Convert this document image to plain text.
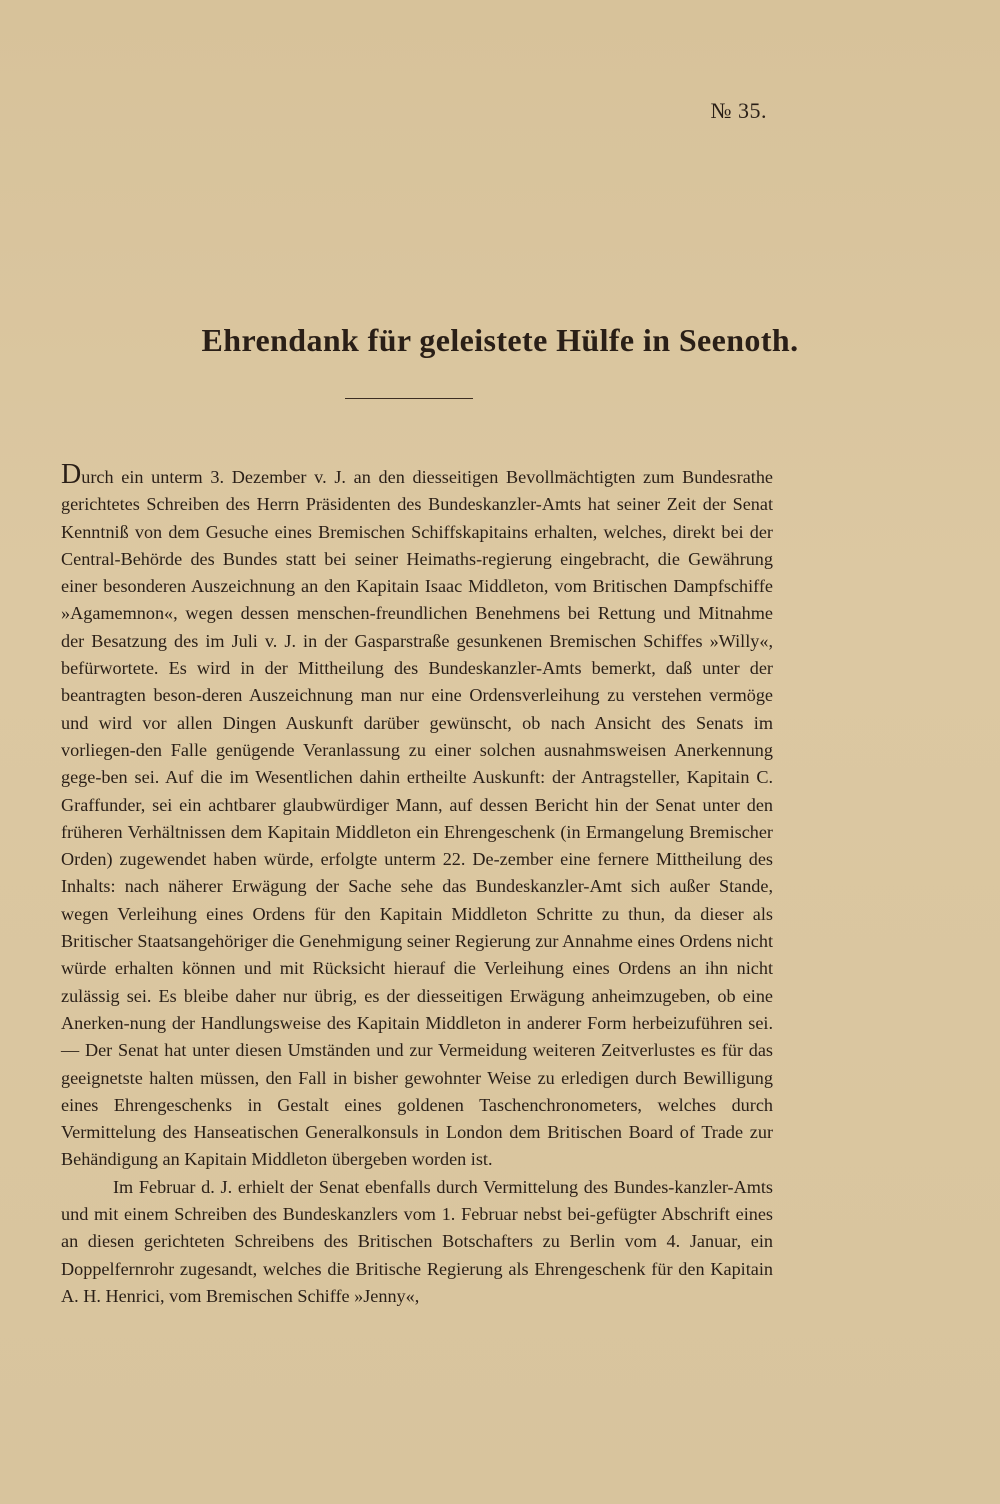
№ 35.
Ehrendank für geleistete Hülfe in Seenoth.

Durch ein unterm 3. Dezember v. J. an den diesseitigen Bevollmächtigten zum Bundesrathe gerichtetes Schreiben des Herrn Präsidenten des Bundeskanzler-Amts hat seiner Zeit der Senat Kenntniß von dem Gesuche eines Bremischen Schiffskapitains erhalten, welches, direkt bei der Central-Behörde des Bundes statt bei seiner Heimaths-regierung eingebracht, die Gewährung einer besonderen Auszeichnung an den Kapitain Isaac Middleton, vom Britischen Dampfschiffe »Agamemnon«, wegen dessen menschen-freundlichen Benehmens bei Rettung und Mitnahme der Besatzung des im Juli v. J. in der Gasparstraße gesunkenen Bremischen Schiffes »Willy«, befürwortete. Es wird in der Mittheilung des Bundeskanzler-Amts bemerkt, daß unter der beantragten beson-deren Auszeichnung man nur eine Ordensverleihung zu verstehen vermöge und wird vor allen Dingen Auskunft darüber gewünscht, ob nach Ansicht des Senats im vorliegen-den Falle genügende Veranlassung zu einer solchen ausnahmsweisen Anerkennung gege-ben sei. Auf die im Wesentlichen dahin ertheilte Auskunft: der Antragsteller, Kapitain C. Graffunder, sei ein achtbarer glaubwürdiger Mann, auf dessen Bericht hin der Senat unter den früheren Verhältnissen dem Kapitain Middleton ein Ehrengeschenk (in Ermangelung Bremischer Orden) zugewendet haben würde, erfolgte unterm 22. De-zember eine fernere Mittheilung des Inhalts: nach näherer Erwägung der Sache sehe das Bundeskanzler-Amt sich außer Stande, wegen Verleihung eines Ordens für den Kapitain Middleton Schritte zu thun, da dieser als Britischer Staatsangehöriger die Genehmigung seiner Regierung zur Annahme eines Ordens nicht würde erhalten können und mit Rücksicht hierauf die Verleihung eines Ordens an ihn nicht zulässig sei. Es bleibe daher nur übrig, es der diesseitigen Erwägung anheimzugeben, ob eine Anerken-nung der Handlungsweise des Kapitain Middleton in anderer Form herbeizuführen sei. — Der Senat hat unter diesen Umständen und zur Vermeidung weiteren Zeitverlustes es für das geeignetste halten müssen, den Fall in bisher gewohnter Weise zu erledigen durch Bewilligung eines Ehrengeschenks in Gestalt eines goldenen Taschenchronometers, welches durch Vermittelung des Hanseatischen Generalkonsuls in London dem Britischen Board of Trade zur Behändigung an Kapitain Middleton übergeben worden ist.

Im Februar d. J. erhielt der Senat ebenfalls durch Vermittelung des Bundes-kanzler-Amts und mit einem Schreiben des Bundeskanzlers vom 1. Februar nebst bei-gefügter Abschrift eines an diesen gerichteten Schreibens des Britischen Botschafters zu Berlin vom 4. Januar, ein Doppelfernrohr zugesandt, welches die Britische Regierung als Ehrengeschenk für den Kapitain A. H. Henrici, vom Bremischen Schiffe »Jenny«,
